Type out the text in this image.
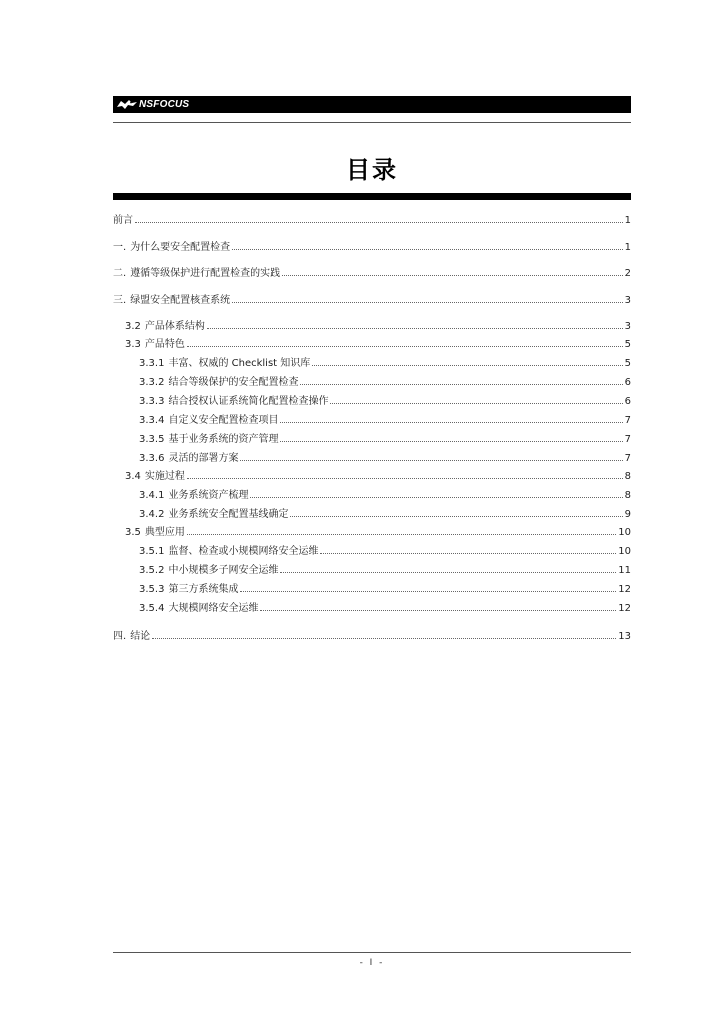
NSFOCUS
目录
前言	1
一. 为什么要安全配置检查	1
二. 遵循等级保护进行配置检查的实践	2
三. 绿盟安全配置核查系统	3
3.2 产品体系结构	3
3.3 产品特色	5
3.3.1 丰富、权威的 Checklist 知识库	5
3.3.2 结合等级保护的安全配置检查	6
3.3.3 结合授权认证系统简化配置检查操作	6
3.3.4 自定义安全配置检查项目	7
3.3.5 基于业务系统的资产管理	7
3.3.6 灵活的部署方案	7
3.4 实施过程	8
3.4.1 业务系统资产梳理	8
3.4.2 业务系统安全配置基线确定	9
3.5 典型应用	10
3.5.1 监督、检查或小规模网络安全运维	10
3.5.2 中小规模多子网安全运维	11
3.5.3 第三方系统集成	12
3.5.4 大规模网络安全运维	12
四. 结论	13
- I -
